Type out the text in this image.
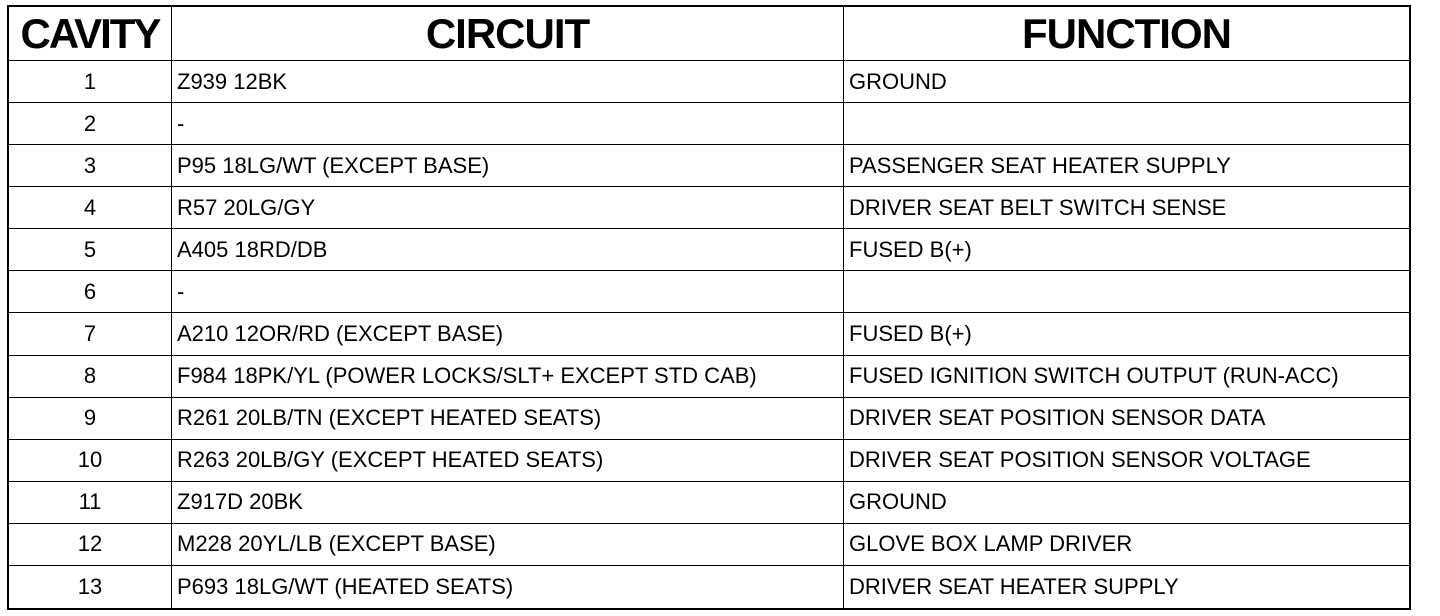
CAVITY	CIRCUIT	FUNCTION
1	Z939 12BK	GROUND
2	-
3	P95 18LG/WT (EXCEPT BASE)	PASSENGER SEAT HEATER SUPPLY
4	R57 20LG/GY	DRIVER SEAT BELT SWITCH SENSE
5	A405 18RD/DB	FUSED B(+)
6	-
7	A210 12OR/RD (EXCEPT BASE)	FUSED B(+)
8	F984 18PK/YL (POWER LOCKS/SLT+ EXCEPT STD CAB)	FUSED IGNITION SWITCH OUTPUT (RUN-ACC)
9	R261 20LB/TN (EXCEPT HEATED SEATS)	DRIVER SEAT POSITION SENSOR DATA
10	R263 20LB/GY (EXCEPT HEATED SEATS)	DRIVER SEAT POSITION SENSOR VOLTAGE
11	Z917D 20BK	GROUND
12	M228 20YL/LB (EXCEPT BASE)	GLOVE BOX LAMP DRIVER
13	P693 18LG/WT (HEATED SEATS)	DRIVER SEAT HEATER SUPPLY
